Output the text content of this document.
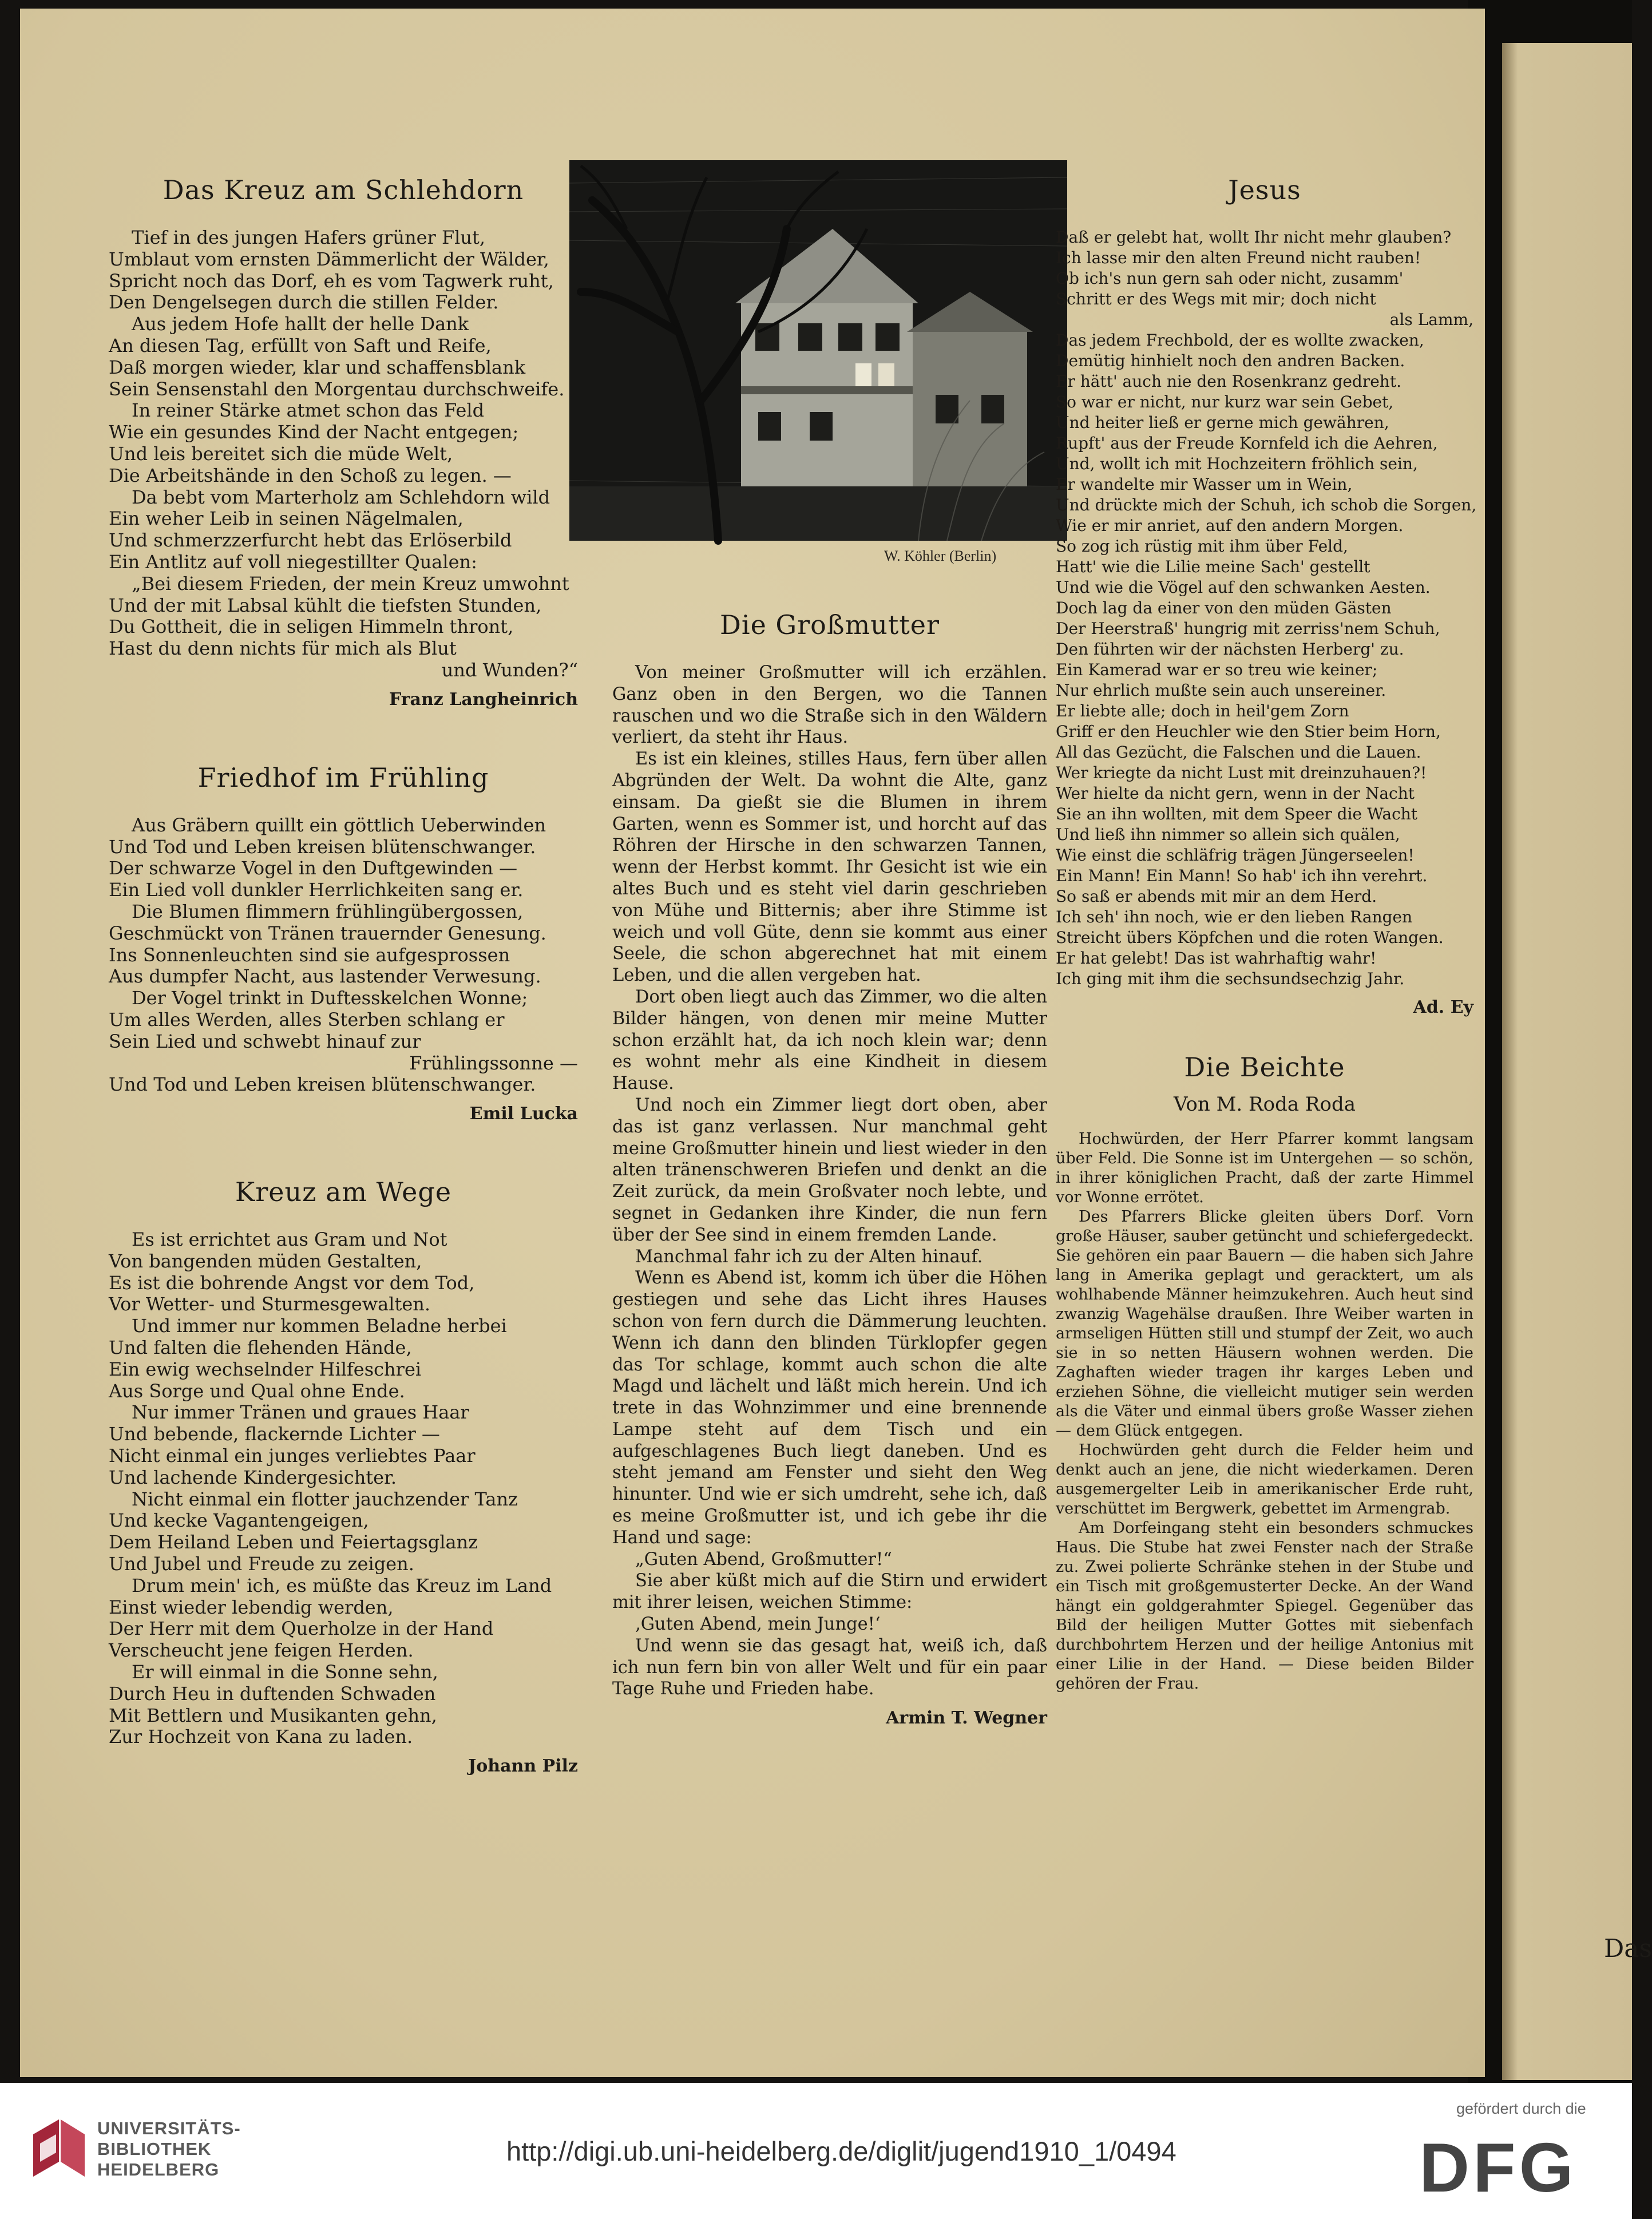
Das
Das Kreuz am Schlehdorn
Tief in des jungen Hafers grüner Flut,
Umblaut vom ernsten Dämmerlicht der Wälder,
Spricht noch das Dorf, eh es vom Tagwerk ruht,
Den Dengelsegen durch die stillen Felder.
Aus jedem Hofe hallt der helle Dank
An diesen Tag, erfüllt von Saft und Reife,
Daß morgen wieder, klar und schaffensblank
Sein Sensenstahl den Morgentau durchschweife.
In reiner Stärke atmet schon das Feld
Wie ein gesundes Kind der Nacht entgegen;
Und leis bereitet sich die müde Welt,
Die Arbeitshände in den Schoß zu legen. —
Da bebt vom Marterholz am Schlehdorn wild
Ein weher Leib in seinen Nägelmalen,
Und schmerzzerfurcht hebt das Erlöserbild
Ein Antlitz auf voll niegestillter Qualen:
„Bei diesem Frieden, der mein Kreuz umwohnt
Und der mit Labsal kühlt die tiefsten Stunden,
Du Gottheit, die in seligen Himmeln thront,
Hast du denn nichts für mich als Blut
und Wunden?“
Franz Langheinrich
Friedhof im Frühling
Aus Gräbern quillt ein göttlich Ueberwinden
Und Tod und Leben kreisen blütenschwanger.
Der schwarze Vogel in den Duftgewinden —
Ein Lied voll dunkler Herrlichkeiten sang er.
Die Blumen flimmern frühlingübergossen,
Geschmückt von Tränen trauernder Genesung.
Ins Sonnenleuchten sind sie aufgesprossen
Aus dumpfer Nacht, aus lastender Verwesung.
Der Vogel trinkt in Duftesskelchen Wonne;
Um alles Werden, alles Sterben schlang er
Sein Lied und schwebt hinauf zur
Frühlingssonne —
Und Tod und Leben kreisen blütenschwanger.
Emil Lucka
Kreuz am Wege
Es ist errichtet aus Gram und Not
Von bangenden müden Gestalten,
Es ist die bohrende Angst vor dem Tod,
Vor Wetter- und Sturmesgewalten.
Und immer nur kommen Beladne herbei
Und falten die flehenden Hände,
Ein ewig wechselnder Hilfeschrei
Aus Sorge und Qual ohne Ende.
Nur immer Tränen und graues Haar
Und bebende, flackernde Lichter —
Nicht einmal ein junges verliebtes Paar
Und lachende Kindergesichter.
Nicht einmal ein flotter jauchzender Tanz
Und kecke Vagantengeigen,
Dem Heiland Leben und Feiertagsglanz
Und Jubel und Freude zu zeigen.
Drum mein' ich, es müßte das Kreuz im Land
Einst wieder lebendig werden,
Der Herr mit dem Querholze in der Hand
Verscheucht jene feigen Herden.
Er will einmal in die Sonne sehn,
Durch Heu in duftenden Schwaden
Mit Bettlern und Musikanten gehn,
Zur Hochzeit von Kana zu laden.
Johann Pilz
W. Köhler (Berlin)
Die Großmutter

Von meiner Großmutter will ich erzählen. Ganz oben in den Bergen, wo die Tannen rauschen und wo die Straße sich in den Wäldern verliert, da steht ihr Haus.

Es ist ein kleines, stilles Haus, fern über allen Abgründen der Welt. Da wohnt die Alte, ganz einsam. Da gießt sie die Blumen in ihrem Garten, wenn es Sommer ist, und horcht auf das Röhren der Hirsche in den schwarzen Tannen, wenn der Herbst kommt. Ihr Gesicht ist wie ein altes Buch und es steht viel darin geschrieben von Mühe und Bitternis; aber ihre Stimme ist weich und voll Güte, denn sie kommt aus einer Seele, die schon abgerechnet hat mit einem Leben, und die allen vergeben hat.

Dort oben liegt auch das Zimmer, wo die alten Bilder hängen, von denen mir meine Mutter schon erzählt hat, da ich noch klein war; denn es wohnt mehr als eine Kindheit in diesem Hause.

Und noch ein Zimmer liegt dort oben, aber das ist ganz verlassen. Nur manchmal geht meine Großmutter hinein und liest wieder in den alten tränenschweren Briefen und denkt an die Zeit zurück, da mein Großvater noch lebte, und segnet in Gedanken ihre Kinder, die nun fern über der See sind in einem fremden Lande.

Manchmal fahr ich zu der Alten hinauf.

Wenn es Abend ist, komm ich über die Höhen gestiegen und sehe das Licht ihres Hauses schon von fern durch die Dämmerung leuchten. Wenn ich dann den blinden Türklopfer gegen das Tor schlage, kommt auch schon die alte Magd und lächelt und läßt mich herein. Und ich trete in das Wohnzimmer und eine brennende Lampe steht auf dem Tisch und ein aufgeschlagenes Buch liegt daneben. Und es steht jemand am Fenster und sieht den Weg hinunter. Und wie er sich umdreht, sehe ich, daß es meine Großmutter ist, und ich gebe ihr die Hand und sage:

„Guten Abend, Großmutter!“

Sie aber küßt mich auf die Stirn und erwidert mit ihrer leisen, weichen Stimme:

‚Guten Abend, mein Junge!‘

Und wenn sie das gesagt hat, weiß ich, daß ich nun fern bin von aller Welt und für ein paar Tage Ruhe und Frieden habe.

Armin T. Wegner
Jesus
Daß er gelebt hat, wollt Ihr nicht mehr glauben?
Ich lasse mir den alten Freund nicht rauben!
Ob ich's nun gern sah oder nicht, zusamm'
Schritt er des Wegs mit mir; doch nicht
als Lamm,
Das jedem Frechbold, der es wollte zwacken,
Demütig hinhielt noch den andren Backen.
Er hätt' auch nie den Rosenkranz gedreht.
So war er nicht, nur kurz war sein Gebet,
Und heiter ließ er gerne mich gewähren,
Rupft' aus der Freude Kornfeld ich die Aehren,
Und, wollt ich mit Hochzeitern fröhlich sein,
Er wandelte mir Wasser um in Wein,
Und drückte mich der Schuh, ich schob die Sorgen,
Wie er mir anriet, auf den andern Morgen.
So zog ich rüstig mit ihm über Feld,
Hatt' wie die Lilie meine Sach' gestellt
Und wie die Vögel auf den schwanken Aesten.
Doch lag da einer von den müden Gästen
Der Heerstraß' hungrig mit zerriss'nem Schuh,
Den führten wir der nächsten Herberg' zu.
Ein Kamerad war er so treu wie keiner;
Nur ehrlich mußte sein auch unsereiner.
Er liebte alle; doch in heil'gem Zorn
Griff er den Heuchler wie den Stier beim Horn,
All das Gezücht, die Falschen und die Lauen.
Wer kriegte da nicht Lust mit dreinzuhauen?!
Wer hielte da nicht gern, wenn in der Nacht
Sie an ihn wollten, mit dem Speer die Wacht
Und ließ ihn nimmer so allein sich quälen,
Wie einst die schläfrig trägen Jüngerseelen!
Ein Mann! Ein Mann! So hab' ich ihn verehrt.
So saß er abends mit mir an dem Herd.
Ich seh' ihn noch, wie er den lieben Rangen
Streicht übers Köpfchen und die roten Wangen.
Er hat gelebt! Das ist wahrhaftig wahr!
Ich ging mit ihm die sechsundsechzig Jahr.
Ad. Ey
Die Beichte
Von M. Roda Roda

Hochwürden, der Herr Pfarrer kommt langsam über Feld. Die Sonne ist im Untergehen — so schön, in ihrer königlichen Pracht, daß der zarte Himmel vor Wonne errötet.

Des Pfarrers Blicke gleiten übers Dorf. Vorn große Häuser, sauber getüncht und schiefergedeckt. Sie gehören ein paar Bauern — die haben sich Jahre lang in Amerika geplagt und geracktert, um als wohlhabende Männer heimzukehren. Auch heut sind zwanzig Wagehälse draußen. Ihre Weiber warten in armseligen Hütten still und stumpf der Zeit, wo auch sie in so netten Häusern wohnen werden. Die Zaghaften wieder tragen ihr karges Leben und erziehen Söhne, die vielleicht mutiger sein werden als die Väter und einmal übers große Wasser ziehen — dem Glück entgegen.

Hochwürden geht durch die Felder heim und denkt auch an jene, die nicht wiederkamen. Deren ausgemergelter Leib in amerikanischer Erde ruht, verschüttet im Bergwerk, gebettet im Armengrab.

Am Dorfeingang steht ein besonders schmuckes Haus. Die Stube hat zwei Fenster nach der Straße zu. Zwei polierte Schränke stehen in der Stube und ein Tisch mit großgemusterter Decke. An der Wand hängt ein goldgerahmter Spiegel. Gegenüber das Bild der heiligen Mutter Gottes mit siebenfach durchbohrtem Herzen und der heilige Antonius mit einer Lilie in der Hand. — Diese beiden Bilder gehören der Frau.

UNIVERSITÄTS-
BIBLIOTHEK
HEIDELBERG
http://digi.ub.uni-heidelberg.de/diglit/jugend1910_1/0494
gefördert durch die
DFG
